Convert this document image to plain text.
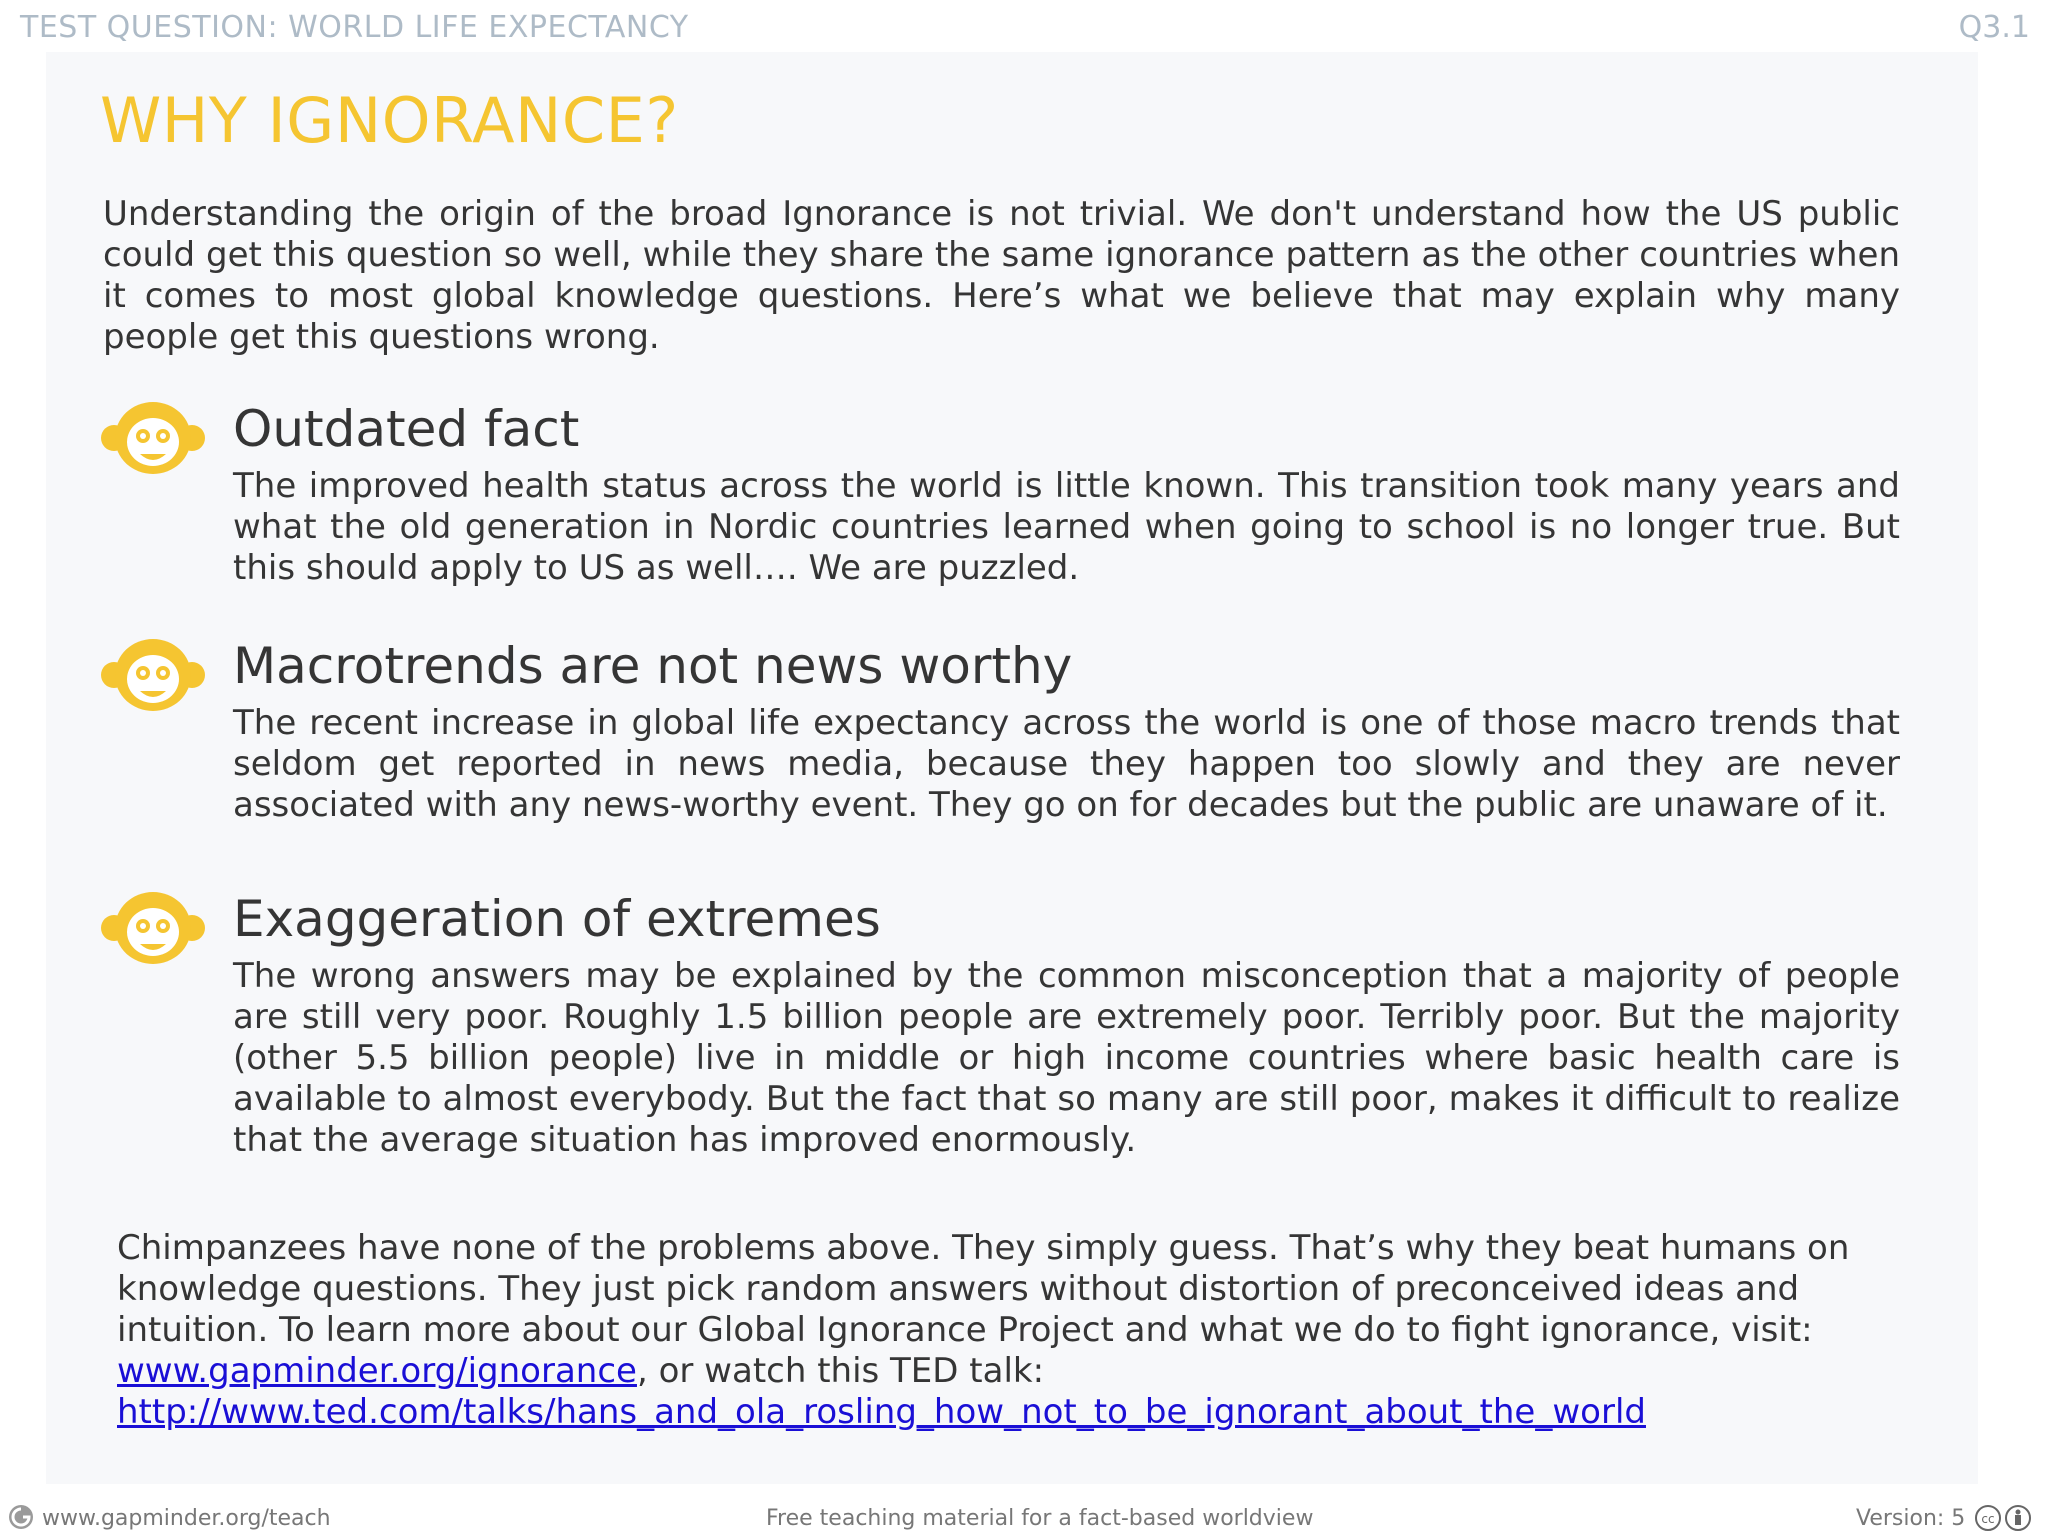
TEST QUESTION: WORLD LIFE EXPECTANCY	Q3.1
WHY IGNORANCE?

Understanding the origin of the broad Ignorance is not trivial. We don't understand how the US public could get this question so well, while they share the same ignorance pattern as the other countries when it comes to most global knowledge questions. Here’s what we believe that may explain why many people get this questions wrong.

Outdated fact

The improved health status across the world is little known. This transition took many years and what the old generation in Nordic countries learned when going to school is no longer true. But this should apply to US as well…. We are puzzled.

Macrotrends are not news worthy

The recent increase in global life expectancy across the world is one of those macro trends that seldom get reported in news media, because they happen too slowly and they are never associated with any news-worthy event. They go on for decades but the public are unaware of it.

Exaggeration of extremes

The wrong answers may be explained by the common misconception that a majority of people are still very poor. Roughly 1.5 billion people are extremely poor. Terribly poor. But the majority (other 5.5 billion people) live in middle or high income countries where basic health care is available to almost everybody. But the fact that so many are still poor, makes it difficult to realize that the average situation has improved enormously.

Chimpanzees have none of the problems above. They simply guess. That’s why they beat humans on knowledge questions. They just pick random answers without distortion of preconceived ideas and intuition. To learn more about our Global Ignorance Project and what we do to fight ignorance, visit:
www.gapminder.org/ignorance, or watch this TED talk:
http://www.ted.com/talks/hans_and_ola_rosling_how_not_to_be_ignorant_about_the_world

www.gapminder.org/teach	Free teaching material for a fact-based worldview	Version: 5 cc
